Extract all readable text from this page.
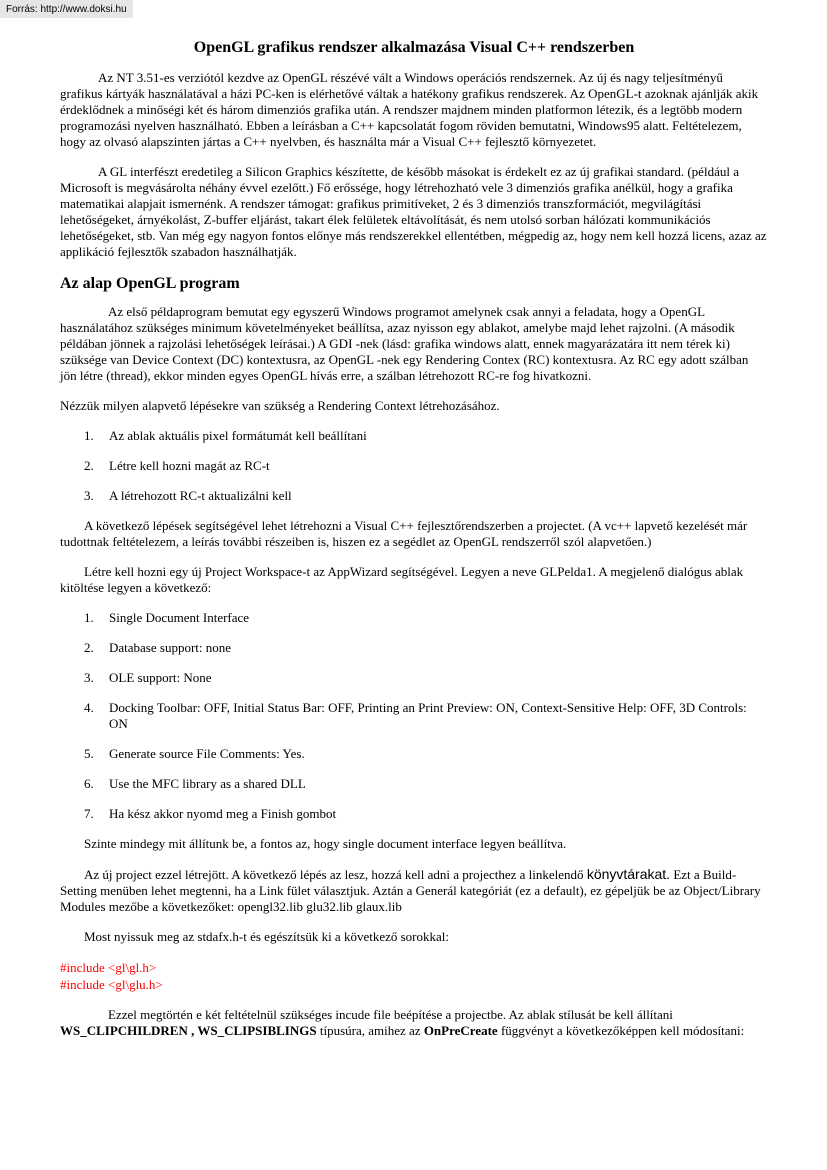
Forrás: http://www.doksi.hu
OpenGL grafikus rendszer alkalmazása Visual C++ rendszerben

Az NT 3.51-es verziótól kezdve az OpenGL részévé vált a Windows operációs rendszernek. Az új és nagy teljesítményű grafikus kártyák használatával a házi PC-ken is elérhetővé váltak a hatékony grafikus rendszerek. Az OpenGL-t azoknak ajánlják akik érdeklődnek a minőségi két és három dimenziós grafika után. A rendszer majdnem minden platformon létezik, és a legtöbb modern programozási nyelven használható. Ebben a leírásban a C++ kapcsolatát fogom röviden bemutatni, Windows95 alatt. Feltételezem, hogy az olvasó alapszinten jártas a C++ nyelvben, és használta már a Visual C++ fejlesztő környezetet.

A GL interfészt eredetileg a Silicon Graphics készítette, de később másokat is érdekelt ez az új grafikai standard. (például a Microsoft is megvásárolta néhány évvel ezelőtt.) Fő erőssége, hogy létrehozható vele 3 dimenziós grafika anélkül, hogy a grafika matematikai alapjait ismernénk. A rendszer támogat: grafikus primitíveket, 2 és 3 dimenziós transzformációt, megvilágítási lehetőségeket, árnyékolást, Z-buffer eljárást, takart élek felületek eltávolítását, és nem utolsó sorban hálózati kommunikációs lehetőségeket, stb. Van még egy nagyon fontos előnye más rendszerekkel ellentétben, mégpedig az, hogy nem kell hozzá licens, azaz az applikáció fejlesztők szabadon használhatják.

Az alap OpenGL program

Az első példaprogram bemutat egy egyszerű Windows programot amelynek csak annyi a feladata, hogy a OpenGL használatához szükséges minimum követelményeket beállítsa, azaz nyisson egy ablakot, amelybe majd lehet rajzolni. (A második példában jönnek a rajzolási lehetőségek leírásai.) A GDI -nek (lásd: grafika windows alatt, ennek magyarázatára itt nem térek ki) szüksége van Device Context (DC) kontextusra, az OpenGL -nek egy Rendering Contex (RC) kontextusra. Az RC egy adott szálban jön létre (thread), ekkor minden egyes OpenGL hívás erre, a szálban létrehozott RC-re fog hivatkozni.

Nézzük milyen alapvető lépésekre van szükség a Rendering Context létrehozásához.

1. Az ablak aktuális pixel formátumát kell beállítani
2. Létre kell hozni magát az RC-t
3. A létrehozott RC-t aktualizálni kell

A következő lépések segítségével lehet létrehozni a Visual C++ fejlesztőrendszerben a projectet. (A vc++ lapvető kezelését már tudottnak feltételezem, a leírás további részeiben is, hiszen ez a segédlet az OpenGL rendszerről szól alapvetően.)

Létre kell hozni egy új Project Workspace-t az AppWizard segítségével. Legyen a neve GLPelda1. A megjelenő dialógus ablak kitöltése legyen a következő:

1. Single Document Interface
2. Database support: none
3. OLE support: None
4. Docking Toolbar: OFF, Initial Status Bar: OFF, Printing an Print Preview: ON, Context-Sensitive Help: OFF, 3D Controls: ON
5. Generate source File Comments: Yes.
6. Use the MFC library as a shared DLL
7. Ha kész akkor nyomd meg a Finish gombot

Szinte mindegy mit állítunk be, a fontos az, hogy single document interface legyen beállítva.

Az új project ezzel létrejött. A következő lépés az lesz, hozzá kell adni a projecthez a linkelendő könyvtárakat. Ezt a Build-Setting menüben lehet megtenni, ha a Link fület választjuk. Aztán a Generál kategóriát (ez a default), ez gépeljük be az Object/Library Modules mezőbe a következőket: opengl32.lib glu32.lib glaux.lib

Most nyissuk meg az stdafx.h-t és egészítsük ki a következő sorokkal:

#include <gl\gl.h>
#include <gl\glu.h>

Ezzel megtörtén e két feltételnül szükséges incude file beépítése a projectbe. Az ablak stílusát be kell állítani WS_CLIPCHILDREN , WS_CLIPSIBLINGS típusúra, amihez az OnPreCreate függvényt a következőképpen kell módosítani:
